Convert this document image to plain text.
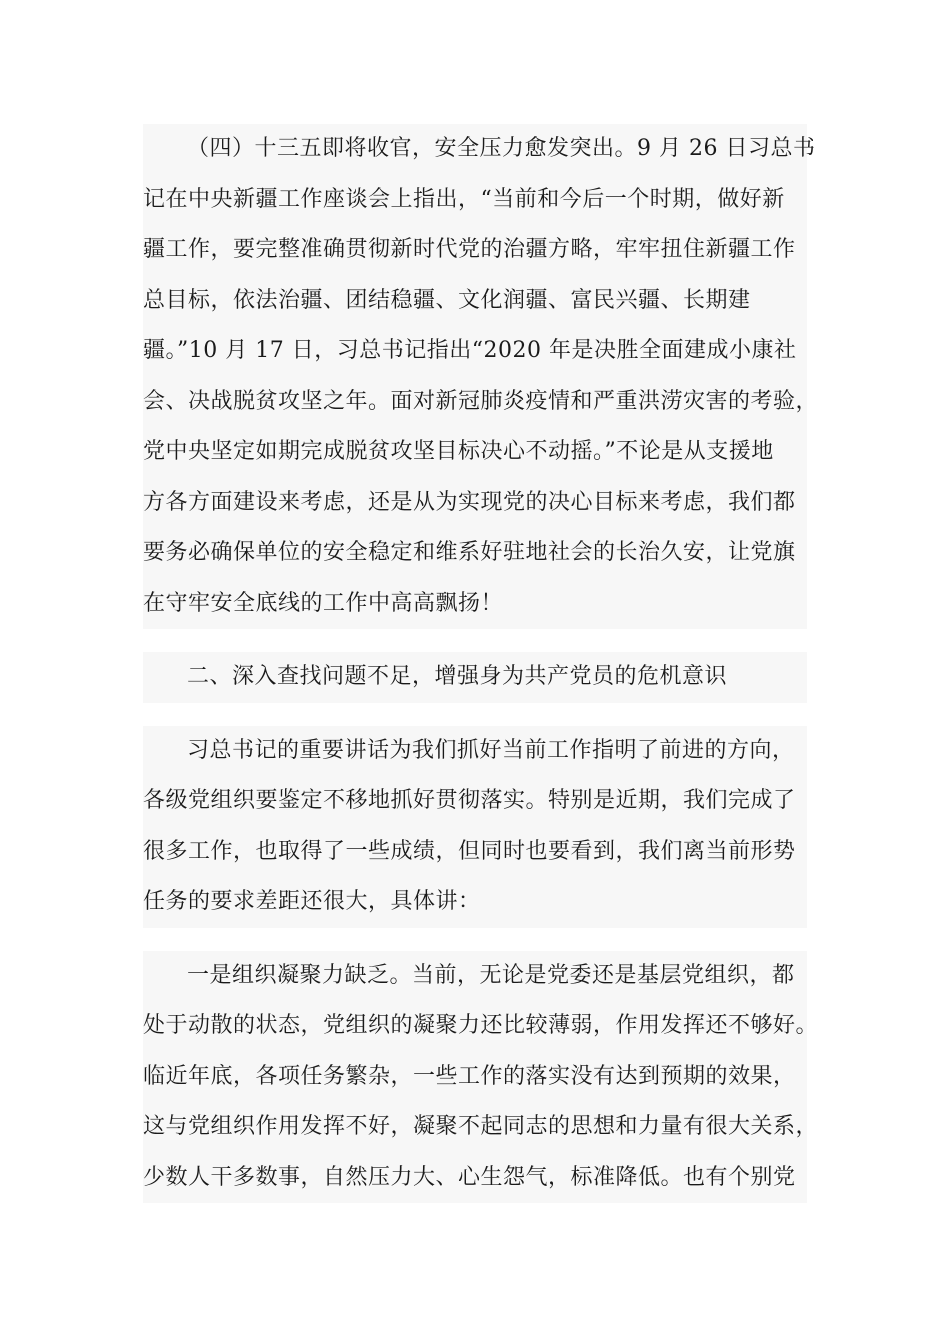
（四）十三五即将收官，安全压力愈发突出。9 月 26 日习总书
记在中央新疆工作座谈会上指出，“当前和今后一个时期，做好新
疆工作，要完整准确贯彻新时代党的治疆方略，牢牢扭住新疆工作
总目标，依法治疆、团结稳疆、文化润疆、富民兴疆、长期建
疆。”10 月 17 日，习总书记指出“2020 年是决胜全面建成小康社
会、决战脱贫攻坚之年。面对新冠肺炎疫情和严重洪涝灾害的考验，
党中央坚定如期完成脱贫攻坚目标决心不动摇。”不论是从支援地
方各方面建设来考虑，还是从为实现党的决心目标来考虑，我们都
要务必确保单位的安全稳定和维系好驻地社会的长治久安，让党旗
在守牢安全底线的工作中高高飘扬！
二、深入查找问题不足，增强身为共产党员的危机意识
习总书记的重要讲话为我们抓好当前工作指明了前进的方向，
各级党组织要鉴定不移地抓好贯彻落实。特别是近期，我们完成了
很多工作，也取得了一些成绩，但同时也要看到，我们离当前形势
任务的要求差距还很大，具体讲：
一是组织凝聚力缺乏。当前，无论是党委还是基层党组织，都
处于动散的状态，党组织的凝聚力还比较薄弱，作用发挥还不够好。
临近年底，各项任务繁杂，一些工作的落实没有达到预期的效果，
这与党组织作用发挥不好，凝聚不起同志的思想和力量有很大关系，
少数人干多数事，自然压力大、心生怨气，标准降低。也有个别党
